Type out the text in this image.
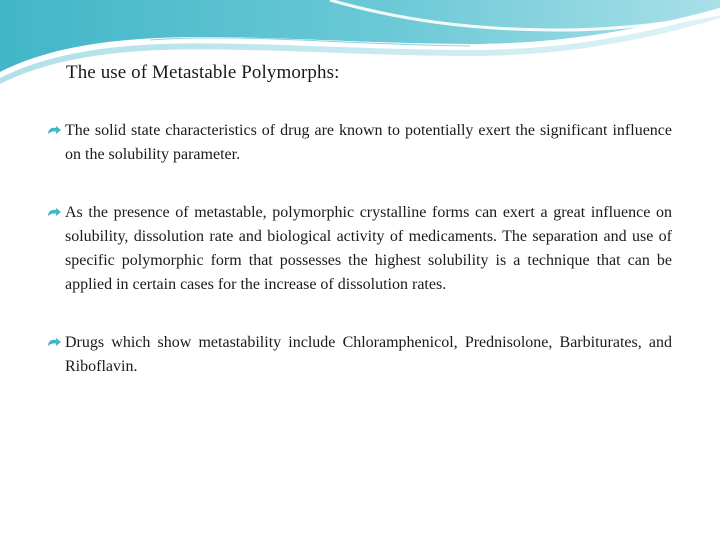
The use of Metastable Polymorphs:
The solid state characteristics of drug are known to potentially exert the significant influence on the solubility parameter.
As the presence of metastable, polymorphic crystalline forms can exert a great influence on solubility, dissolution rate and biological activity of medicaments. The separation and use of specific polymorphic form that possesses the highest solubility is a technique that can be applied in certain cases for the increase of dissolution rates.
Drugs which show metastability include Chloramphenicol, Prednisolone, Barbiturates, and Riboflavin.
